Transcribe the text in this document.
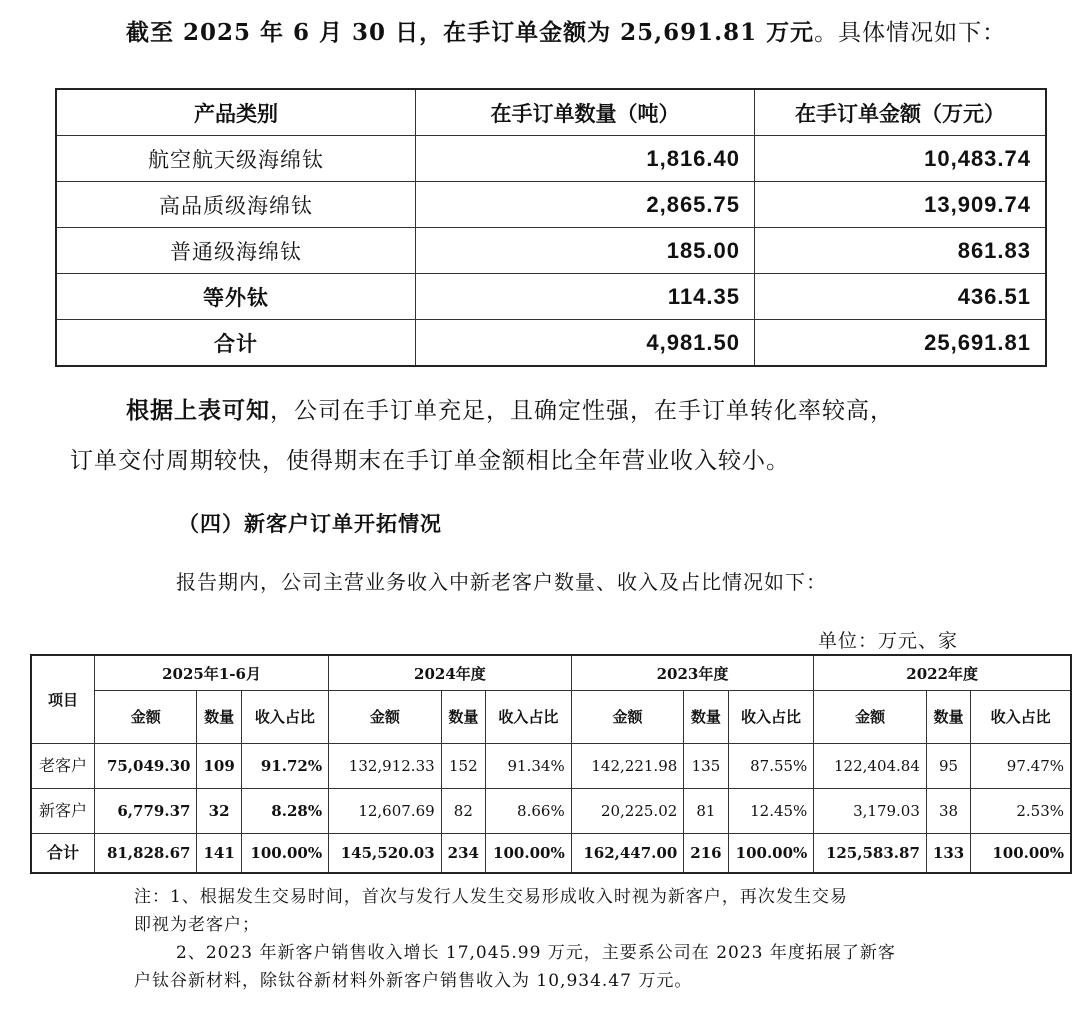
截至 2025 年 6 月 30 日，在手订单金额为 25,691.81 万元。具体情况如下：

产品类别	在手订单数量（吨）	在手订单金额（万元）
航空航天级海绵钛	1,816.40	10,483.74
高品质级海绵钛	2,865.75	13,909.74
普通级海绵钛	185.00	861.83
等外钛	114.35	436.51
合计	4,981.50	25,691.81

根据上表可知，公司在手订单充足，且确定性强，在手订单转化率较高，

订单交付周期较快，使得期末在手订单金额相比全年营业收入较小。

（四）新客户订单开拓情况

报告期内，公司主营业务收入中新老客户数量、收入及占比情况如下：

单位：万元、家

项目	2025年1-6月			2024年度			2023年度			2022年度		
	金额	数量	收入占比	金额	数量	收入占比	金额	数量	收入占比	金额	数量	收入占比
老客户	75,049.30	109	91.72%	132,912.33	152	91.34%	142,221.98	135	87.55%	122,404.84	95	97.47%
新客户	6,779.37	32	8.28%	12,607.69	82	8.66%	20,225.02	81	12.45%	3,179.03	38	2.53%
合计	81,828.67	141	100.00%	145,520.03	234	100.00%	162,447.00	216	100.00%	125,583.87	133	100.00%

注：1、根据发生交易时间，首次与发行人发生交易形成收入时视为新客户，再次发生交易

即视为老客户；

2、2023 年新客户销售收入增长 17,045.99 万元，主要系公司在 2023 年度拓展了新客

户钛谷新材料，除钛谷新材料外新客户销售收入为 10,934.47 万元。
